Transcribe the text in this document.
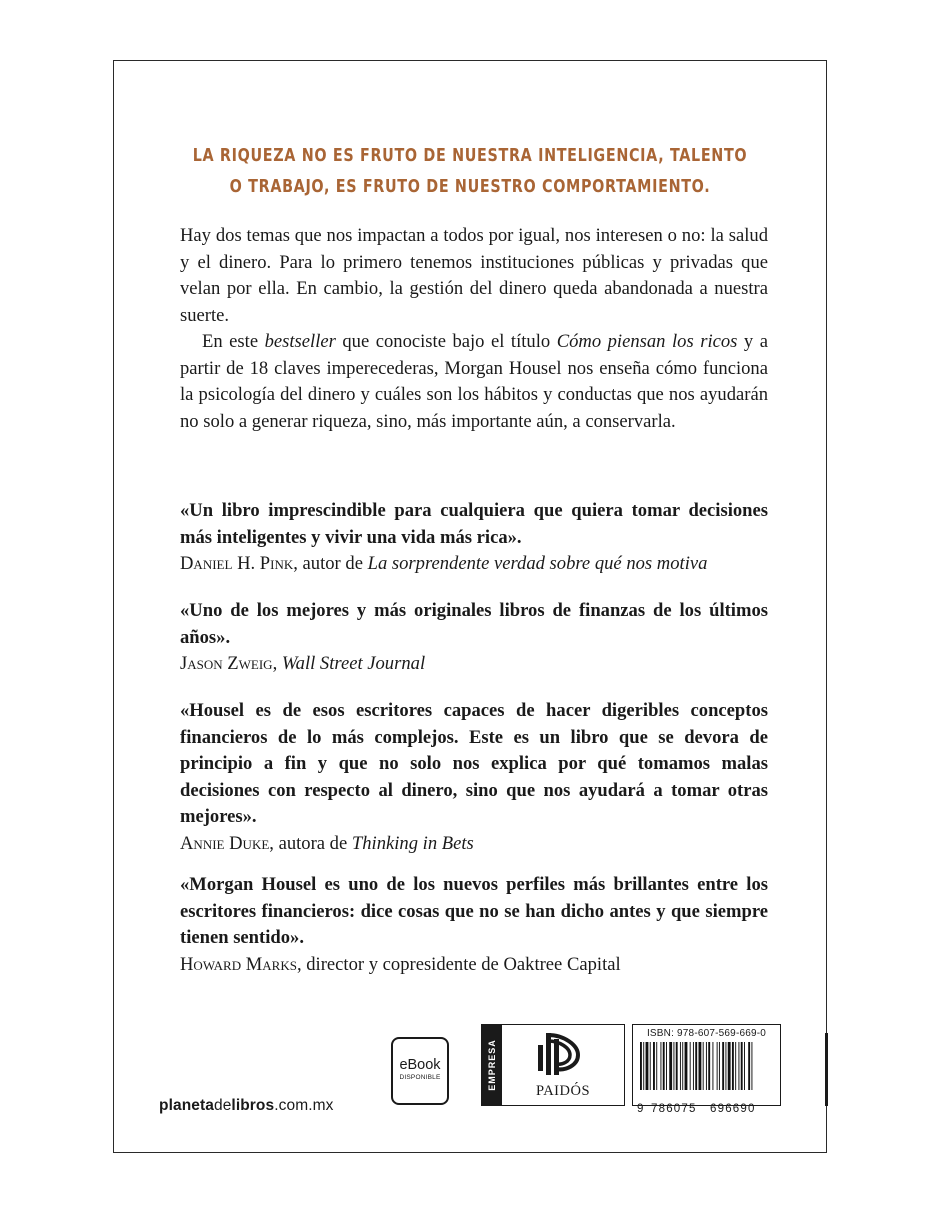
LA RIQUEZA NO ES FRUTO DE NUESTRA INTELIGENCIA, TALENTO
O TRABAJO, ES FRUTO DE NUESTRO COMPORTAMIENTO.

Hay dos temas que nos impactan a todos por igual, nos interesen o no: la salud y el dinero. Para lo primero tenemos instituciones públicas y privadas que velan por ella. En cambio, la gestión del dinero queda abandonada a nuestra suerte.

En este bestseller que conociste bajo el título Cómo piensan los ricos y a partir de 18 claves imperecederas, Morgan Housel nos enseña cómo funciona la psicología del dinero y cuáles son los hábitos y conductas que nos ayudarán no solo a generar riqueza, sino, más importante aún, a conservarla.

«Un libro imprescindible para cualquiera que quiera tomar decisiones más inteligentes y vivir una vida más rica».

Daniel H. Pink, autor de La sorprendente verdad sobre qué nos motiva

«Uno de los mejores y más originales libros de finanzas de los últimos años».

Jason Zweig, Wall Street Journal

«Housel es de esos escritores capaces de hacer digeribles conceptos financieros de lo más complejos. Este es un libro que se devora de principio a fin y que no solo nos explica por qué tomamos malas decisiones con respecto al dinero, sino que nos ayudará a tomar otras mejores».

Annie Duke, autora de Thinking in Bets

«Morgan Housel es uno de los nuevos perfiles más brillantes entre los escritores financieros: dice cosas que no se han dicho antes y que siempre tienen sentido».

Howard Marks, director y copresidente de Oaktree Capital

planetadelibros.com.mx
eBook
DISPONIBLE	EMPRESA
PAIDÓS
ISBN: 978-607-569-669-0
9 786075 696690
